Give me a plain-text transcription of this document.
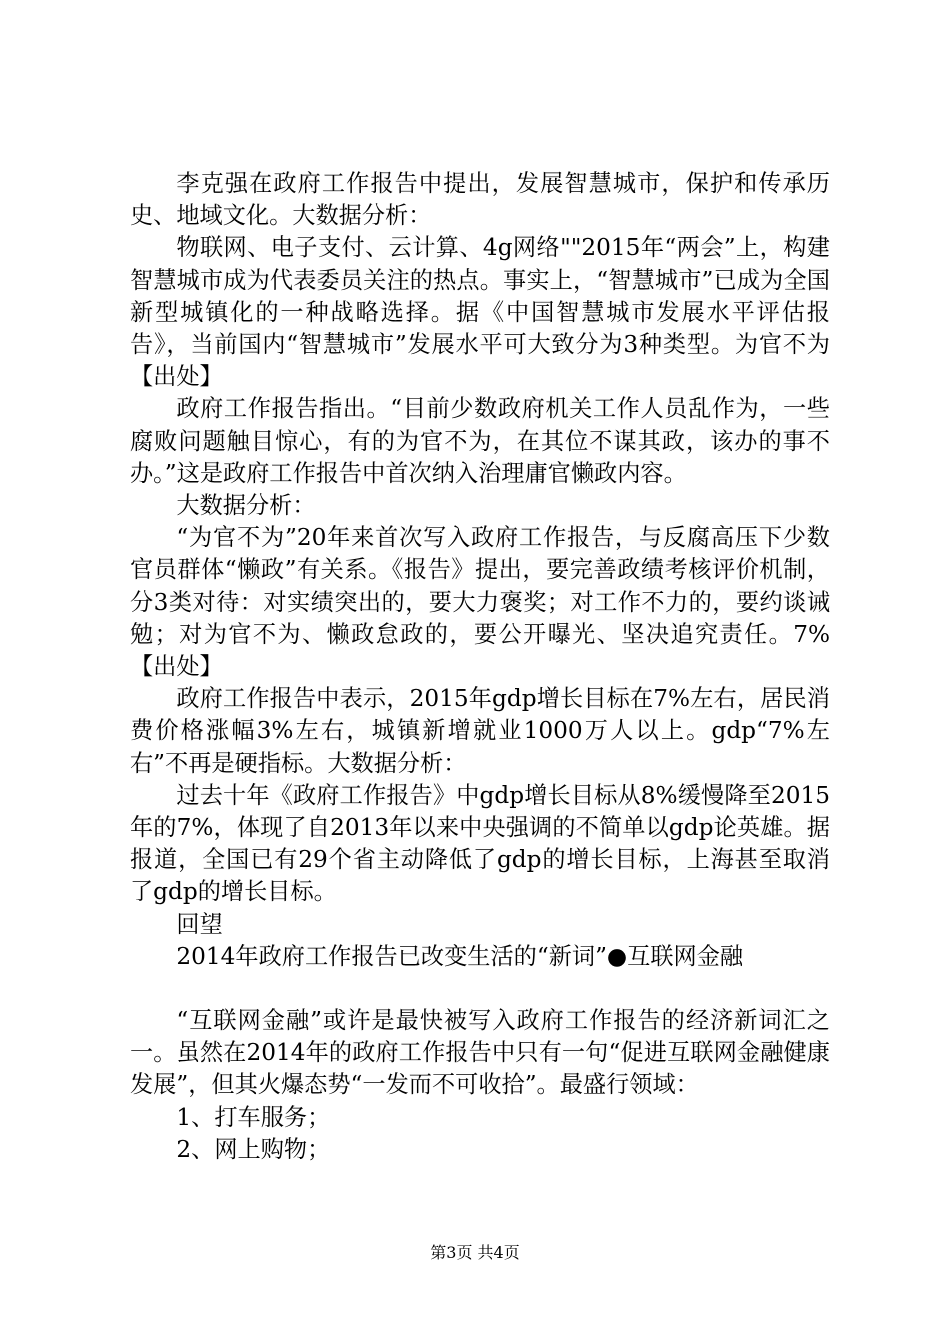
李克强在政府工作报告中提出，发展智慧城市，保护和传承历史、地域文化。大数据分析：

物联网、电子支付、云计算、4g网络""2015年“两会”上，构建智慧城市成为代表委员关注的热点。事实上，“智慧城市”已成为全国新型城镇化的一种战略选择。据《中国智慧城市发展水平评估报告》，当前国内“智慧城市”发展水平可大致分为3种类型。为官不为【出处】

政府工作报告指出。“目前少数政府机关工作人员乱作为，一些腐败问题触目惊心，有的为官不为，在其位不谋其政，该办的事不办。”这是政府工作报告中首次纳入治理庸官懒政内容。

大数据分析：

“为官不为”20年来首次写入政府工作报告，与反腐高压下少数官员群体“懒政”有关系。《报告》提出，要完善政绩考核评价机制，分3类对待：对实绩突出的，要大力褒奖；对工作不力的，要约谈诫勉；对为官不为、懒政怠政的，要公开曝光、坚决追究责任。7%【出处】

政府工作报告中表示，2015年gdp增长目标在7%左右，居民消费价格涨幅3%左右，城镇新增就业1000万人以上。gdp“7%左右”不再是硬指标。大数据分析：

过去十年《政府工作报告》中gdp增长目标从8%缓慢降至2015年的7%，体现了自2013年以来中央强调的不简单以gdp论英雄。据报道，全国已有29个省主动降低了gdp的增长目标，上海甚至取消了gdp的增长目标。

回望

2014年政府工作报告已改变生活的“新词”●互联网金融

“互联网金融”或许是最快被写入政府工作报告的经济新词汇之一。虽然在2014年的政府工作报告中只有一句“促进互联网金融健康发展”，但其火爆态势“一发而不可收拾”。最盛行领域：

1、打车服务；

2、网上购物；

第3页 共4页
